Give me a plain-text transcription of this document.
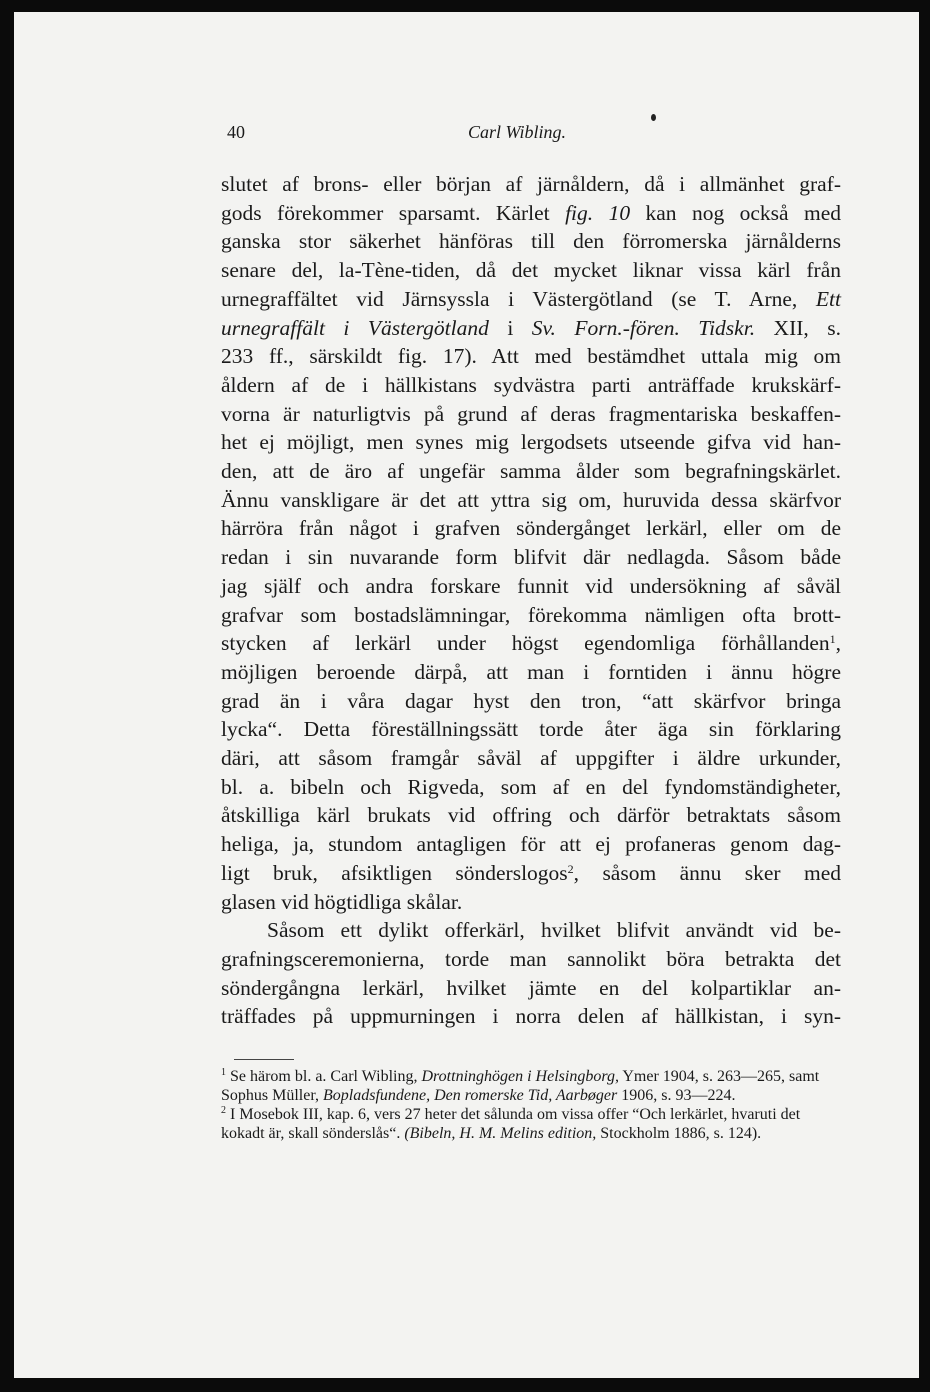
40	Carl Wibling.

slutet af brons- eller början af järnåldern, då i allmänhet graf-
gods förekommer sparsamt. Kärlet fig. 10 kan nog också med
ganska stor säkerhet hänföras till den förromerska järnålderns
senare del, la-Tène-tiden, då det mycket liknar vissa kärl från
urnegraffältet vid Järnsyssla i Västergötland (se T. Arne, Ett
urnegraffält i Västergötland i Sv. Forn.-fören. Tidskr. XII, s.
233 ff., särskildt fig. 17). Att med bestämdhet uttala mig om
åldern af de i hällkistans sydvästra parti anträffade krukskärf-
vorna är naturligtvis på grund af deras fragmentariska beskaffen-
het ej möjligt, men synes mig lergodsets utseende gifva vid han-
den, att de äro af ungefär samma ålder som begrafningskärlet.
Ännu vanskligare är det att yttra sig om, huruvida dessa skärfvor
härröra från något i grafven söndergånget lerkärl, eller om de
redan i sin nuvarande form blifvit där nedlagda. Såsom både
jag själf och andra forskare funnit vid undersökning af såväl
grafvar som bostadslämningar, förekomma nämligen ofta brott-
stycken af lerkärl under högst egendomliga förhållanden$^1$,
möjligen beroende därpå, att man i forntiden i ännu högre
grad än i våra dagar hyst den tron, “att skärfvor bringa
lycka“. Detta föreställningssätt torde åter äga sin förklaring
däri, att såsom framgår såväl af uppgifter i äldre urkunder,
bl. a. bibeln och Rigveda, som af en del fyndomständigheter,
åtskilliga kärl brukats vid offring och därför betraktats såsom
heliga, ja, stundom antagligen för att ej profaneras genom dag-
ligt bruk, afsiktligen sönderslogos$^2$, såsom ännu sker med
glasen vid högtidliga skålar.

Såsom ett dylikt offerkärl, hvilket blifvit användt vid be-
grafningsceremonierna, torde man sannolikt böra betrakta det
söndergångna lerkärl, hvilket jämte en del kolpartiklar an-
träffades på uppmurningen i norra delen af hällkistan, i syn-

$^1$ Se härom bl. a. Carl Wibling, Drottninghögen i Helsingborg, Ymer 1904, s. 263—265, samt Sophus Müller, Bopladsfundene, Den romerske Tid, Aarbøger 1906, s. 93—224.

$^2$ I Mosebok III, kap. 6, vers 27 heter det sålunda om vissa offer “Och lerkärlet, hvaruti det kokadt är, skall sönderslås“. (Bibeln, H. M. Melins edition, Stockholm 1886, s. 124).
